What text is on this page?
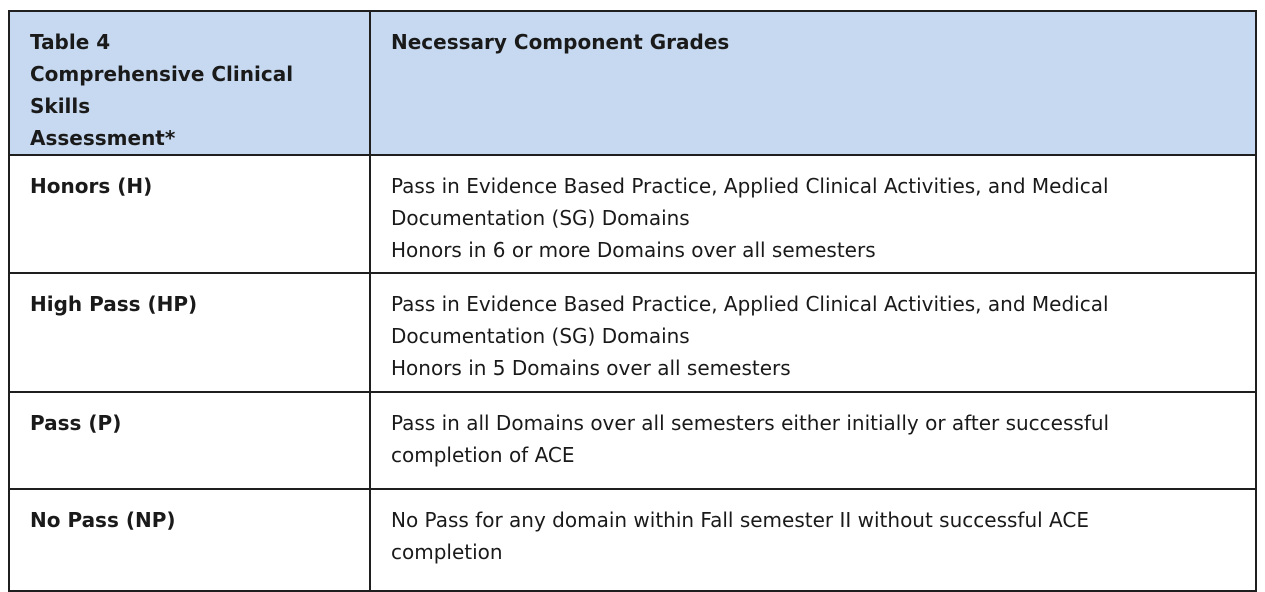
Table 4
Comprehensive Clinical Skills
Assessment*	Necessary Component Grades

Honors (H)	Pass in Evidence Based Practice, Applied Clinical Activities, and Medical
Documentation (SG) Domains
Honors in 6 or more Domains over all semesters

High Pass (HP)	Pass in Evidence Based Practice, Applied Clinical Activities, and Medical
Documentation (SG) Domains
Honors in 5 Domains over all semesters

Pass (P)	Pass in all Domains over all semesters either initially or after successful
completion of ACE

No Pass (NP)	No Pass for any domain within Fall semester II without successful ACE
completion
